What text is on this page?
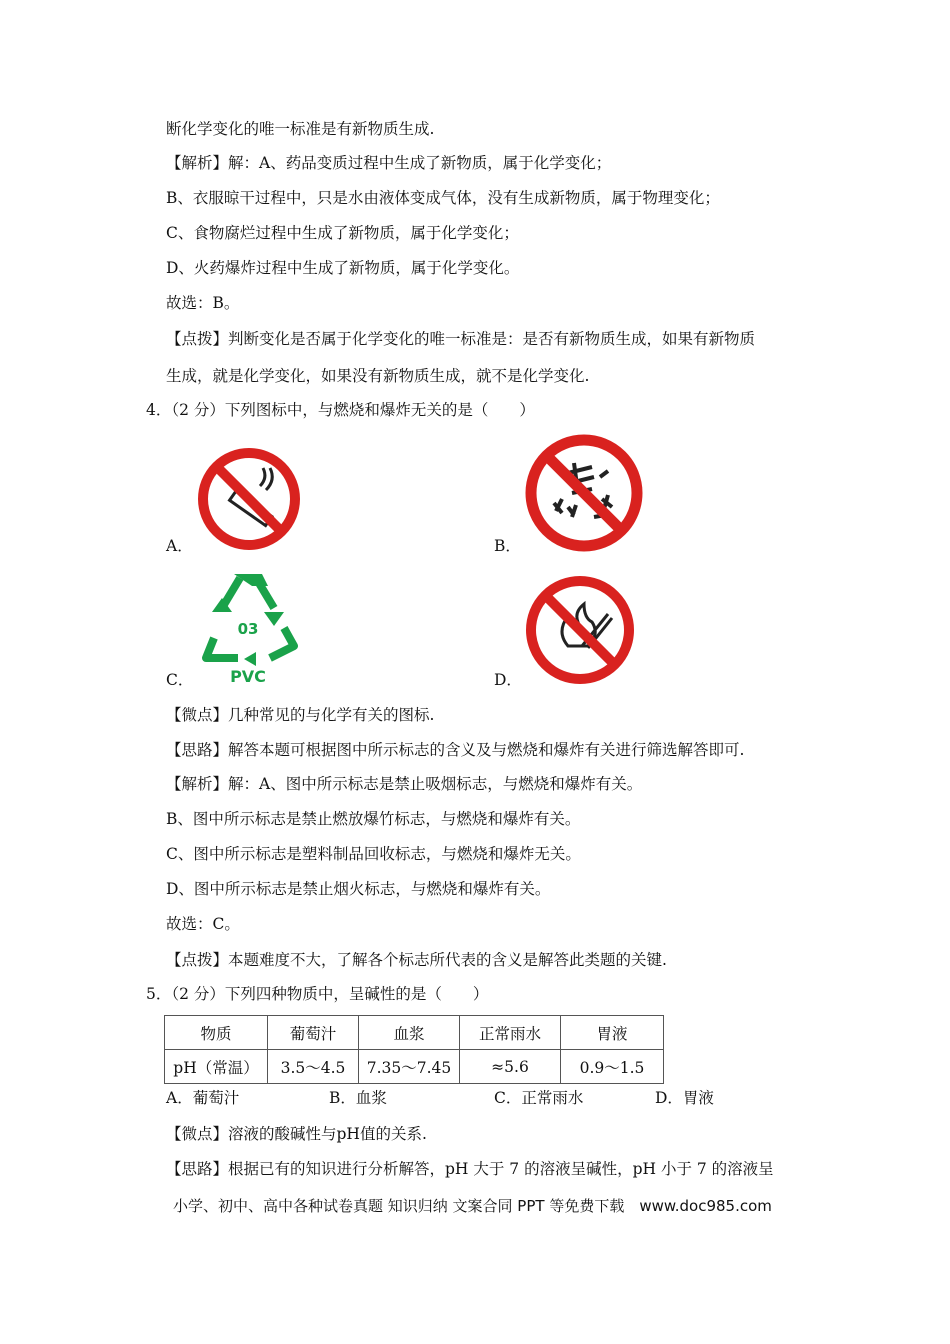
断化学变化的唯一标准是有新物质生成.
【解析】解：A、药品变质过程中生成了新物质，属于化学变化；
B、衣服晾干过程中，只是水由液体变成气体，没有生成新物质，属于物理变化；
C、食物腐烂过程中生成了新物质，属于化学变化；
D、火药爆炸过程中生成了新物质，属于化学变化。
故选：B。
【点拨】判断变化是否属于化学变化的唯一标准是：是否有新物质生成，如果有新物质
生成，就是化学变化，如果没有新物质生成，就不是化学变化.
4．（2 分）下列图标中，与燃烧和爆炸无关的是（　　）
A．	B．
03
PVC
C．	D．
【微点】几种常见的与化学有关的图标.
【思路】解答本题可根据图中所示标志的含义及与燃烧和爆炸有关进行筛选解答即可.
【解析】解：A、图中所示标志是禁止吸烟标志，与燃烧和爆炸有关。
B、图中所示标志是禁止燃放爆竹标志，与燃烧和爆炸有关。
C、图中所示标志是塑料制品回收标志，与燃烧和爆炸无关。
D、图中所示标志是禁止烟火标志，与燃烧和爆炸有关。
故选：C。
【点拨】本题难度不大，了解各个标志所代表的含义是解答此类题的关键.
5．（2 分）下列四种物质中，呈碱性的是（　　）
物质	葡萄汁	血浆	正常雨水	胃液
pH（常温）	3.5～4.5	7.35～7.45	≈5.6	0.9～1.5
A．葡萄汁	B．血浆	C．正常雨水	D．胃液
【微点】溶液的酸碱性与pH值的关系.
【思路】根据已有的知识进行分析解答，pH 大于 7 的溶液呈碱性，pH 小于 7 的溶液呈
小学、初中、高中各种试卷真题 知识归纳 文案合同 PPT 等免费下载　www.doc985.com
